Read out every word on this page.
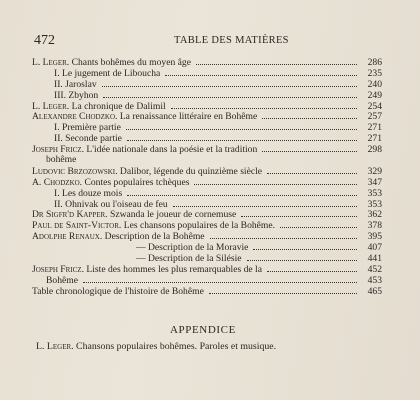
472	TABLE DES MATIÈRES
L. Leger. Chants bohêmes du moyen âge	286
I. Le jugement de Libouchа	235
II. Jaroslav	240
III. Zbyhon	249
L. Leger. La chronique de Dalimil	254
Alexandre Chodzko. La renaissance littéraire en Bohême	257
I. Première partie	271
II. Seconde partie	271
Joseph Fricz. L'idée nationale dans la poésie et la tradition	298
bohême
Ludovic Brzozowski. Dalibor, légende du quinzième siècle	329
A. Chodzko. Contes populaires tchèques	347
I. Les douze mois	353
II. Ohnivak ou l'oiseau de feu	353
Dr Sigfr'd Kapper. Szwanda le joueur de cornemuse	362
Paul de Saint-Victor. Les chansons populaires de la Bohême.	378
Adolphe Renaux. Description de la Bohême	395
— Description de la Moravie	407
— Description de la Silésie	441
Joseph Fricz. Liste des hommes les plus remarquables de la	452
Bohême	453
Table chronologique de l'histoire de Bohême	465
APPENDICE
L. Leger. Chansons populaires bohêmes. Paroles et musique.
